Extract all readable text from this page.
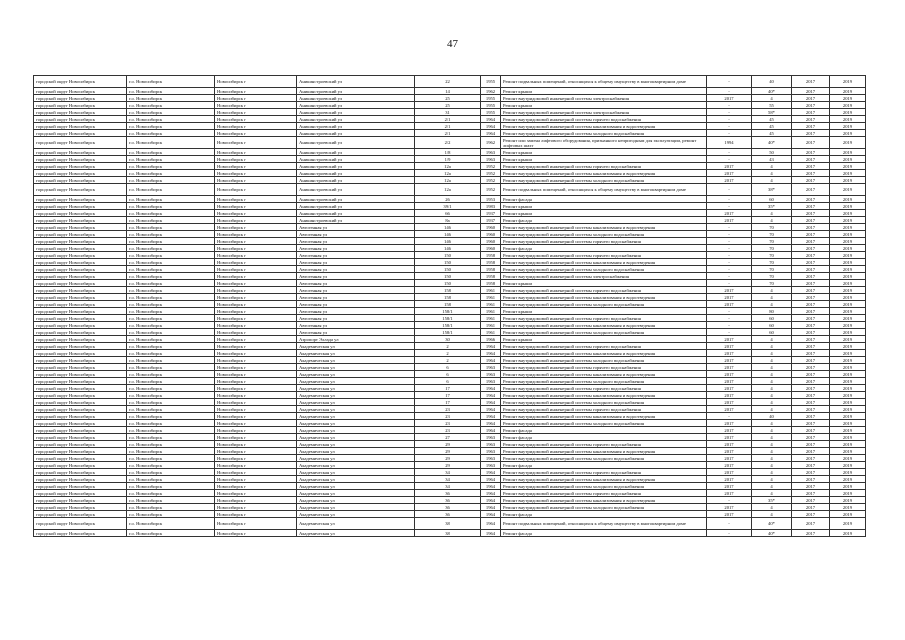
47
городской округ Новосибирск	г.о. Новосибирск	Новосибирск г	Аникинстроевский ул	22	1955	Ремонт подвальных помещений, относящихся к общему имуществу в многоквартирном доме	-	40	2017	2019
городской округ Новосибирск	г.о. Новосибирск	Новосибирск г	Аникинстроевский ул	14	1962	Ремонт крыши	-	40*	2017	2019
городской округ Новосибирск	г.о. Новосибирск	Новосибирск г	Аникинстроевский ул	25	1955	Ремонт внутридомовой инженерной системы электроснабжения	2017	4	2017	2019
городской округ Новосибирск	г.о. Новосибирск	Новосибирск г	Аникинстроевский ул	25	1955	Ремонт крыши	-	55	2017	2019
городской округ Новосибирск	г.о. Новосибирск	Новосибирск г	Аникинстроевский ул	31	1955	Ремонт внутридомовой инженерной системы электроснабжения	-	58*	2017	2019
городской округ Новосибирск	г.о. Новосибирск	Новосибирск г	Аникинстроевский ул	2/1	1964	Ремонт внутридомовой инженерной системы горячего водоснабжения	-	45	2017	2019
городской округ Новосибирск	г.о. Новосибирск	Новосибирск г	Аникинстроевский ул	2/1	1964	Ремонт внутридомовой инженерной системы канализования и водоотведения	-	45	2017	2019
городской округ Новосибирск	г.о. Новосибирск	Новосибирск г	Аникинстроевский ул	2/1	1964	Ремонт внутридомовой инженерной системы холодного водоснабжения	-	45	2017	2019
городской округ Новосибирск	г.о. Новосибирск	Новосибирск г	Аникинстроевский ул	2/2	1962	Ремонт или замена лифтового оборудования, признанного непригодным для эксплуатации, ремонт лифтовых шахт	1994	40*	2017	2019
городской округ Новосибирск	г.о. Новосибирск	Новосибирск г	Аникинстроевский ул	1/8	1963	Ремонт крыши	-	50	2017	2019
городской округ Новосибирск	г.о. Новосибирск	Новосибирск г	Аникинстроевский ул	1/9	1963	Ремонт крыши	-	43	2017	2019
городской округ Новосибирск	г.о. Новосибирск	Новосибирск г	Аникинстроевский ул	12а	1952	Ремонт внутридомовой инженерной системы горячего водоснабжения	2017	4	2017	2019
городской округ Новосибирск	г.о. Новосибирск	Новосибирск г	Аникинстроевский ул	12а	1952	Ремонт внутридомовой инженерной системы канализования и водоотведения	2017	4	2017	2019
городской округ Новосибирск	г.о. Новосибирск	Новосибирск г	Аникинстроевский ул	12а	1952	Ремонт внутридомовой инженерной системы холодного водоснабжения	2017	4	2017	2019
городской округ Новосибирск	г.о. Новосибирск	Новосибирск г	Аникинстроевский ул	12а	1952	Ремонт подвальных помещений, относящихся к общему имуществу в многоквартирном доме	-	38*	2017	2019
городской округ Новосибирск	г.о. Новосибирск	Новосибирск г	Аникинстроевский ул	26	1953	Ремонт фасада	-	60	2017	2019
городской округ Новосибирск	г.о. Новосибирск	Новосибирск г	Аникинстроевский ул	39/1	1983	Ремонт крыши	-	35*	2017	2019
городской округ Новосибирск	г.о. Новосибирск	Новосибирск г	Аникинстроевский ул	66	1937	Ремонт крыши	2017	4	2017	2019
городской округ Новосибирск	г.о. Новосибирск	Новосибирск г	Аникинстроевский ул	8а	1937	Ремонт фасада	2017	4	2017	2019
городской округ Новосибирск	г.о. Новосибирск	Новосибирск г	Автогенная ул	146	1960	Ремонт внутридомовой инженерной системы канализования и водоотведения	-	70	2017	2019
городской округ Новосибирск	г.о. Новосибирск	Новосибирск г	Автогенная ул	146	1960	Ремонт внутридомовой инженерной системы холодного водоснабжения	-	70	2017	2019
городской округ Новосибирск	г.о. Новосибирск	Новосибирск г	Автогенная ул	146	1960	Ремонт внутридомовой инженерной системы горячего водоснабжения	-	70	2017	2019
городской округ Новосибирск	г.о. Новосибирск	Новосибирск г	Автогенная ул	146	1960	Ремонт фасада	-	70	2017	2019
городской округ Новосибирск	г.о. Новосибирск	Новосибирск г	Автогенная ул	150	1958	Ремонт внутридомовой инженерной системы горячего водоснабжения	-	70	2017	2019
городской округ Новосибирск	г.о. Новосибирск	Новосибирск г	Автогенная ул	150	1958	Ремонт внутридомовой инженерной системы канализования и водоотведения	-	70	2017	2019
городской округ Новосибирск	г.о. Новосибирск	Новосибирск г	Автогенная ул	150	1958	Ремонт внутридомовой инженерной системы холодного водоснабжения	-	70	2017	2019
городской округ Новосибирск	г.о. Новосибирск	Новосибирск г	Автогенная ул	150	1958	Ремонт внутридомовой инженерной системы электроснабжения	-	70	2017	2019
городской округ Новосибирск	г.о. Новосибирск	Новосибирск г	Автогенная ул	150	1958	Ремонт крыши	-	70	2017	2019
городской округ Новосибирск	г.о. Новосибирск	Новосибирск г	Автогенная ул	158	1961	Ремонт внутридомовой инженерной системы горячего водоснабжения	2017	4	2017	2019
городской округ Новосибирск	г.о. Новосибирск	Новосибирск г	Автогенная ул	158	1961	Ремонт внутридомовой инженерной системы канализования и водоотведения	2017	4	2017	2019
городской округ Новосибирск	г.о. Новосибирск	Новосибирск г	Автогенная ул	158	1961	Ремонт внутридомовой инженерной системы холодного водоснабжения	2017	4	2017	2019
городской округ Новосибирск	г.о. Новосибирск	Новосибирск г	Автогенная ул	158/1	1961	Ремонт крыши	-	80	2017	2019
городской округ Новосибирск	г.о. Новосибирск	Новосибирск г	Автогенная ул	158/1	1961	Ремонт внутридомовой инженерной системы горячего водоснабжения	-	60	2017	2019
городской округ Новосибирск	г.о. Новосибирск	Новосибирск г	Автогенная ул	158/1	1961	Ремонт внутридомовой инженерной системы канализования и водоотведения	-	60	2017	2019
городской округ Новосибирск	г.о. Новосибирск	Новосибирск г	Автогенная ул	158/1	1961	Ремонт внутридомовой инженерной системы холодного водоснабжения	-	60	2017	2019
городской округ Новосибирск	г.о. Новосибирск	Новосибирск г	Аэропорт Эллада ул	30	1966	Ремонт крыши	2017	4	2017	2019
городской округ Новосибирск	г.о. Новосибирск	Новосибирск г	Академическая ул	2	1964	Ремонт внутридомовой инженерной системы горячего водоснабжения	2017	4	2017	2019
городской округ Новосибирск	г.о. Новосибирск	Новосибирск г	Академическая ул	2	1964	Ремонт внутридомовой инженерной системы канализования и водоотведения	2017	4	2017	2019
городской округ Новосибирск	г.о. Новосибирск	Новосибирск г	Академическая ул	2	1964	Ремонт внутридомовой инженерной системы холодного водоснабжения	2017	4	2017	2019
городской округ Новосибирск	г.о. Новосибирск	Новосибирск г	Академическая ул	6	1963	Ремонт внутридомовой инженерной системы горячего водоснабжения	2017	4	2017	2019
городской округ Новосибирск	г.о. Новосибирск	Новосибирск г	Академическая ул	6	1963	Ремонт внутридомовой инженерной системы канализования и водоотведения	2017	4	2017	2019
городской округ Новосибирск	г.о. Новосибирск	Новосибирск г	Академическая ул	6	1963	Ремонт внутридомовой инженерной системы холодного водоснабжения	2017	4	2017	2019
городской округ Новосибирск	г.о. Новосибирск	Новосибирск г	Академическая ул	17	1964	Ремонт внутридомовой инженерной системы горячего водоснабжения	2017	4	2017	2019
городской округ Новосибирск	г.о. Новосибирск	Новосибирск г	Академическая ул	17	1964	Ремонт внутридомовой инженерной системы канализования и водоотведения	2017	4	2017	2019
городской округ Новосибирск	г.о. Новосибирск	Новосибирск г	Академическая ул	17	1964	Ремонт внутридомовой инженерной системы холодного водоснабжения	2017	4	2017	2019
городской округ Новосибирск	г.о. Новосибирск	Новосибирск г	Академическая ул	23	1964	Ремонт внутридомовой инженерной системы горячего водоснабжения	2017	4	2017	2019
городской округ Новосибирск	г.о. Новосибирск	Новосибирск г	Академическая ул	23	1964	Ремонт внутридомовой инженерной системы канализования и водоотведения	-	40	2017	2019
городской округ Новосибирск	г.о. Новосибирск	Новосибирск г	Академическая ул	23	1964	Ремонт внутридомовой инженерной системы холодного водоснабжения	2017	4	2017	2019
городской округ Новосибирск	г.о. Новосибирск	Новосибирск г	Академическая ул	23	1964	Ремонт фасада	2017	4	2017	2019
городской округ Новосибирск	г.о. Новосибирск	Новосибирск г	Академическая ул	27	1963	Ремонт фасада	2017	4	2017	2019
городской округ Новосибирск	г.о. Новосибирск	Новосибирск г	Академическая ул	29	1963	Ремонт внутридомовой инженерной системы горячего водоснабжения	2017	4	2017	2019
городской округ Новосибирск	г.о. Новосибирск	Новосибирск г	Академическая ул	29	1963	Ремонт внутридомовой инженерной системы канализования и водоотведения	2017	4	2017	2019
городской округ Новосибирск	г.о. Новосибирск	Новосибирск г	Академическая ул	29	1963	Ремонт внутридомовой инженерной системы холодного водоснабжения	2017	4	2017	2019
городской округ Новосибирск	г.о. Новосибирск	Новосибирск г	Академическая ул	29	1963	Ремонт фасада	2017	4	2017	2019
городской округ Новосибирск	г.о. Новосибирск	Новосибирск г	Академическая ул	34	1964	Ремонт внутридомовой инженерной системы горячего водоснабжения	2017	4	2017	2019
городской округ Новосибирск	г.о. Новосибирск	Новосибирск г	Академическая ул	34	1964	Ремонт внутридомовой инженерной системы канализования и водоотведения	2017	4	2017	2019
городской округ Новосибирск	г.о. Новосибирск	Новосибирск г	Академическая ул	34	1964	Ремонт внутридомовой инженерной системы холодного водоснабжения	2017	4	2017	2019
городской округ Новосибирск	г.о. Новосибирск	Новосибирск г	Академическая ул	36	1964	Ремонт внутридомовой инженерной системы горячего водоснабжения	2017	4	2017	2019
городской округ Новосибирск	г.о. Новосибирск	Новосибирск г	Академическая ул	36	1964	Ремонт внутридомовой инженерной системы канализования и водоотведения	-	35*	2017	2019
городской округ Новосибирск	г.о. Новосибирск	Новосибирск г	Академическая ул	36	1964	Ремонт внутридомовой инженерной системы холодного водоснабжения	2017	4	2017	2019
городской округ Новосибирск	г.о. Новосибирск	Новосибирск г	Академическая ул	36	1964	Ремонт фасада	2017	4	2017	2019
городской округ Новосибирск	г.о. Новосибирск	Новосибирск г	Академическая ул	38	1964	Ремонт подвальных помещений, относящихся к общему имуществу в многоквартирном доме	-	40*	2017	2019
городской округ Новосибирск	г.о. Новосибирск	Новосибирск г	Академическая ул	38	1964	Ремонт фасада	-	40*	2017	2019
